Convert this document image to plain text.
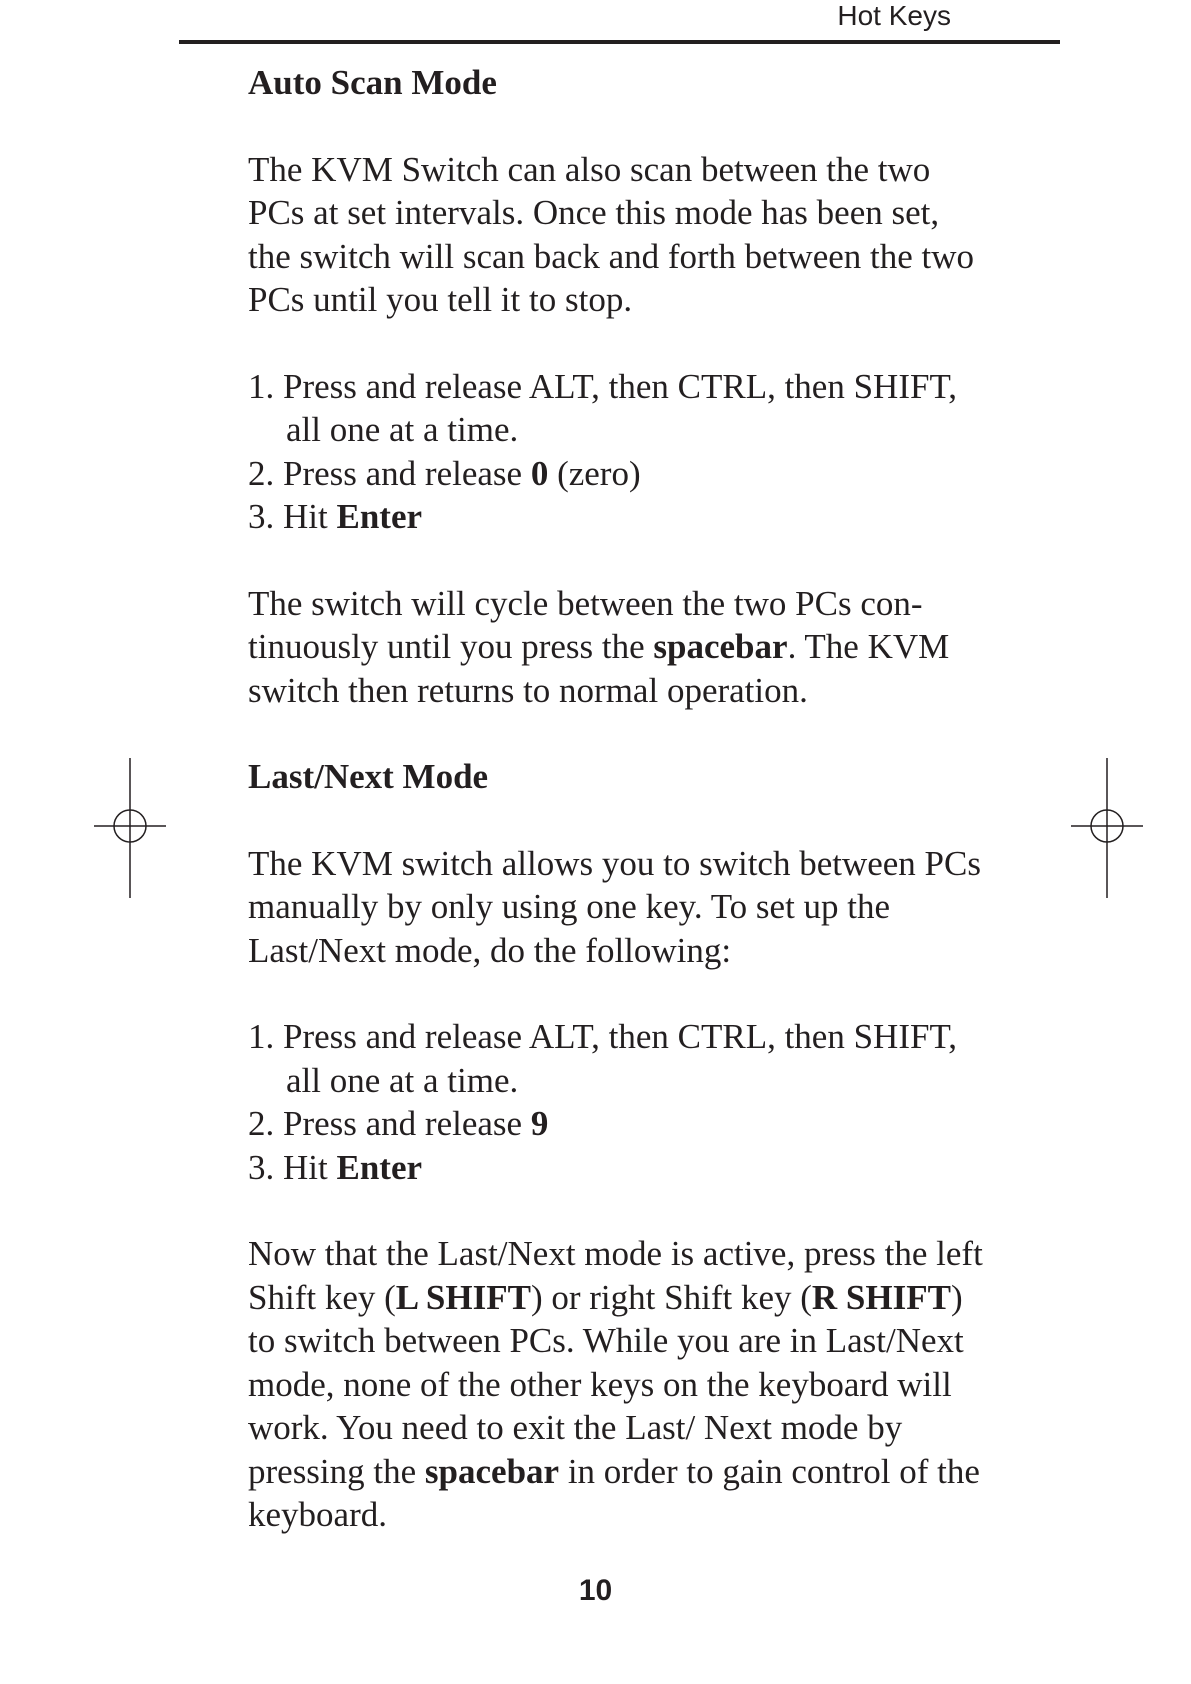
Hot Keys
Auto Scan Mode
The KVM Switch can also scan between the two PCs at set intervals. Once this mode has been set, the switch will scan back and forth between the two PCs until you tell it to stop.
1. Press and release ALT, then CTRL, then SHIFT, all one at a time.
2. Press and release 0 (zero)
3. Hit Enter
The switch will cycle between the two PCs con-tinuously until you press the spacebar. The KVM switch then returns to normal operation.
Last/Next Mode
The KVM switch allows you to switch between PCs manually by only using one key. To set up the Last/Next mode, do the following:
1. Press and release ALT, then CTRL, then SHIFT, all one at a time.
2. Press and release 9
3. Hit Enter
Now that the Last/Next mode is active, press the left Shift key (L SHIFT) or right Shift key (R SHIFT) to switch between PCs. While you are in Last/Next mode, none of the other keys on the keyboard will work. You need to exit the Last/ Next mode by pressing the spacebar in order to gain control of the keyboard.
10
